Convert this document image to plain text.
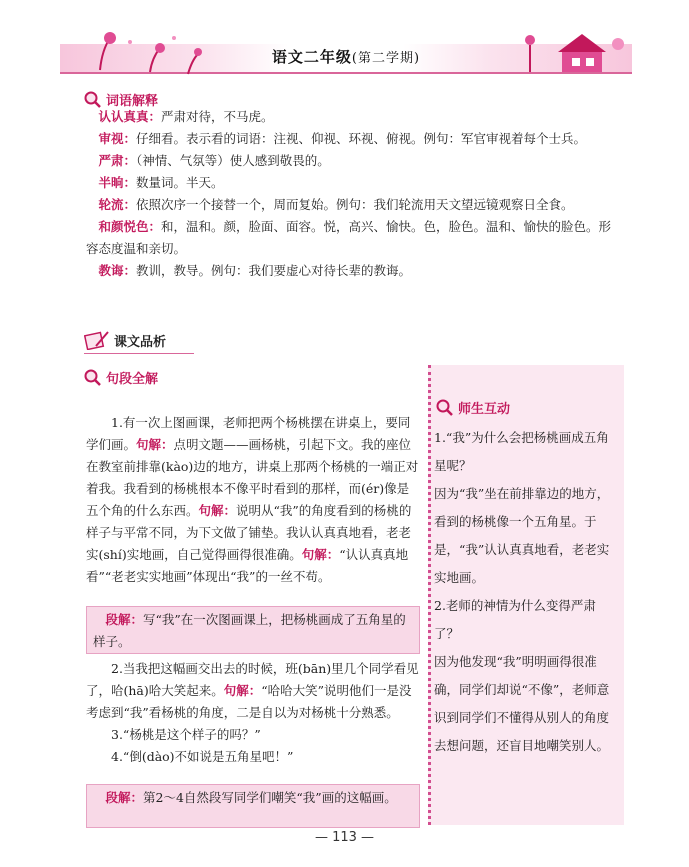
语文二年级(第二学期)
词语解释
认认真真：严肃对待，不马虎。
审视：仔细看。表示看的词语：注视、仰视、环视、俯视。例句：军官审视着每个士兵。
严肃：（神情、气氛等）使人感到敬畏的。
半晌：数量词。半天。
轮流：依照次序一个接替一个，周而复始。例句：我们轮流用天文望远镜观察日全食。
和颜悦色：和，温和。颜，脸面、面容。悦，高兴、愉快。色，脸色。温和、愉快的脸色。形容态度温和亲切。
教诲：教训，教导。例句：我们要虚心对待长辈的教诲。
课文品析
句段全解

1.有一次上图画课，老师把两个杨桃摆在讲桌上，要同学们画。句解：点明文题——画杨桃，引起下文。我的座位在教室前排靠(kào)边的地方，讲桌上那两个杨桃的一端正对着我。我看到的杨桃根本不像平时看到的那样，而(ér)像是五个角的什么东西。句解：说明从“我”的角度看到的杨桃的样子与平常不同，为下文做了铺垫。我认认真真地看，老老实(shí)实地画，自己觉得画得很准确。句解：“认认真真地看”“老老实实地画”体现出“我”的一丝不苟。

段解：写“我”在一次图画课上，把杨桃画成了五角星的样子。

2.当我把这幅画交出去的时候，班(bān)里几个同学看见了，哈(hā)哈大笑起来。句解：“哈哈大笑”说明他们一是没考虑到“我”看杨桃的角度，二是自以为对杨桃十分熟悉。

3.“杨桃是这个样子的吗？”

4.“倒(dào)不如说是五角星吧！”

段解：第2～4自然段写同学们嘲笑“我”画的这幅画。
师生互动
1.“我”为什么会把杨桃画成五角星呢？
因为“我”坐在前排靠边的地方，看到的杨桃像一个五角星。于是，“我”认认真真地看，老老实实地画。
2.老师的神情为什么变得严肃了？
因为他发现“我”明明画得很准确，同学们却说“不像”，老师意识到同学们不懂得从别人的角度去想问题，还盲目地嘲笑别人。
— 113 —
